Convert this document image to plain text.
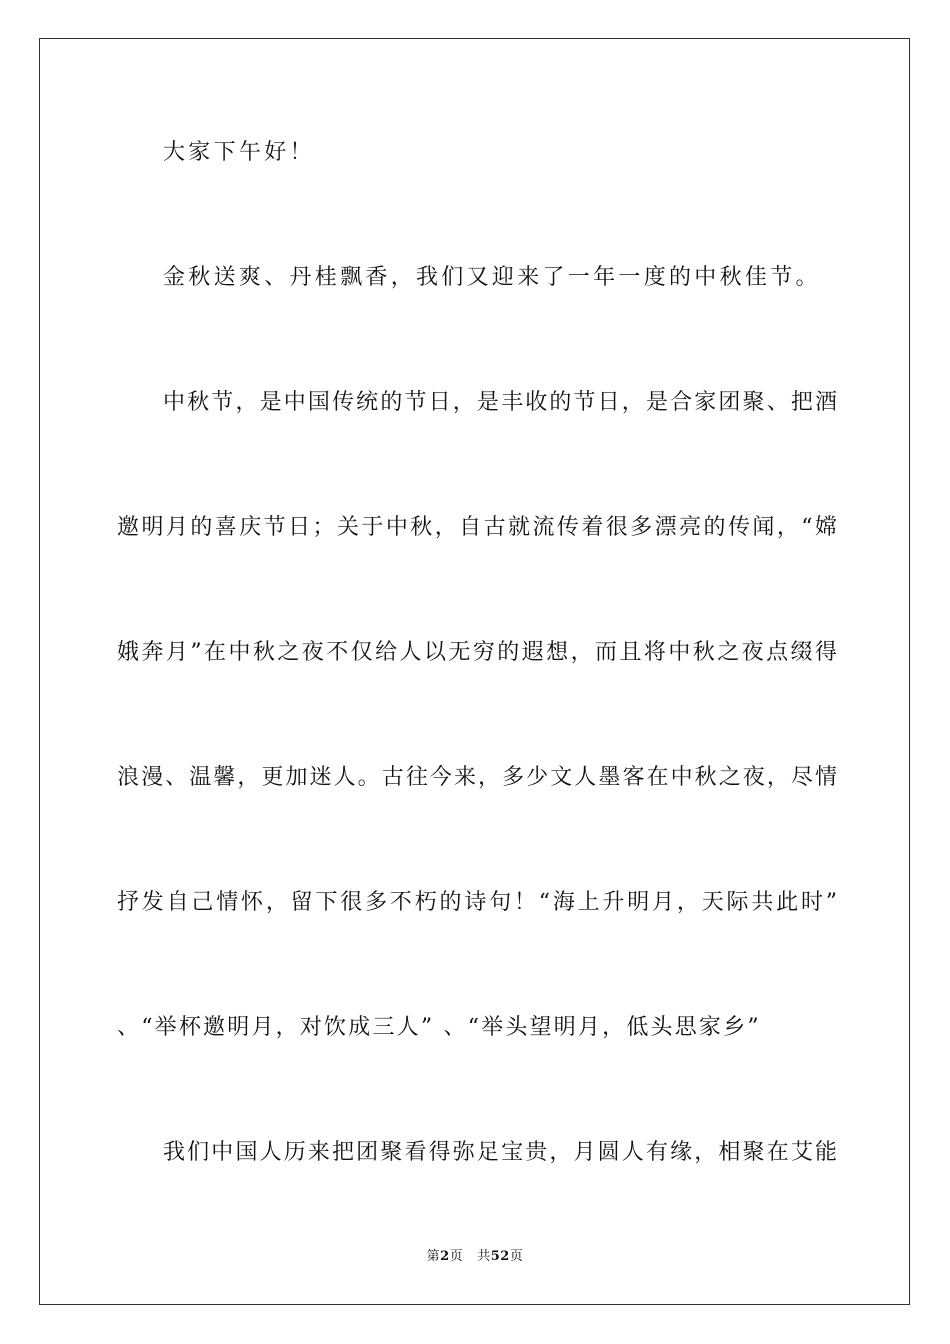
大家下午好！
金秋送爽、丹桂飘香，我们又迎来了一年一度的中秋佳节。
中秋节，是中国传统的节日，是丰收的节日，是合家团聚、把酒
邀明月的喜庆节日；关于中秋，自古就流传着很多漂亮的传闻，“嫦
娥奔月”在中秋之夜不仅给人以无穷的遐想，而且将中秋之夜点缀得
浪漫、温馨，更加迷人。古往今来，多少文人墨客在中秋之夜，尽情
抒发自己情怀，留下很多不朽的诗句！“海上升明月，天际共此时”
、“举杯邀明月，对饮成三人” 、“举头望明月，低头思家乡”
我们中国人历来把团聚看得弥足宝贵，月圆人有缘，相聚在艾能
第2页 共52页
